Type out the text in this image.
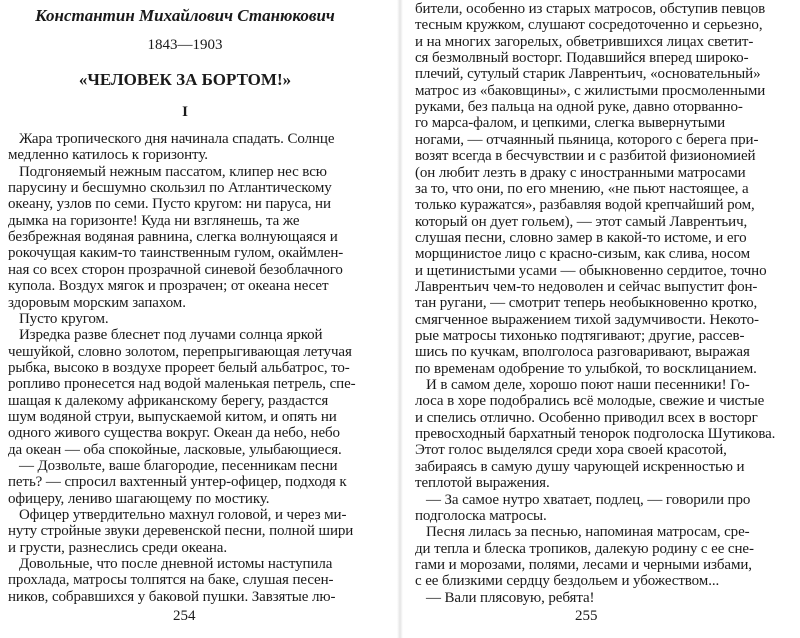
Константин Михайлович Станюкович
1843—1903
«ЧЕЛОВЕК ЗА БОРТОМ!»
I
Жара тропического дня начинала спадать. Солнце
медленно катилось к горизонту.
Подгоняемый нежным пассатом, клипер нес всю
парусину и бесшумно скользил по Атлантическому
океану, узлов по семи. Пусто кругом: ни паруса, ни
дымка на горизонте! Куда ни взглянешь, та же
безбрежная водяная равнина, слегка волнующаяся и
рокочущая каким-то таинственным гулом, окаймлен-
ная со всех сторон прозрачной синевой безоблачного
купола. Воздух мягок и прозрачен; от океана несет
здоровым морским запахом.
Пусто кругом.
Изредка разве блеснет под лучами солнца яркой
чешуйкой, словно золотом, перепрыгивающая летучая
рыбка, высоко в воздухе прореет белый альбатрос, то-
ропливо пронесется над водой маленькая петрель, спе-
шащая к далекому африканскому берегу, раздастся
шум водяной струи, выпускаемой китом, и опять ни
одного живого существа вокруг. Океан да небо, небо
да океан — оба спокойные, ласковые, улыбающиеся.
— Дозвольте, ваше благородие, песенникам песни
петь? — спросил вахтенный унтер-офицер, подходя к
офицеру, лениво шагающему по мостику.
Офицер утвердительно махнул головой, и через ми-
нуту стройные звуки деревенской песни, полной шири
и грусти, разнеслись среди океана.
Довольные, что после дневной истомы наступила
прохлада, матросы толпятся на баке, слушая песен-
ников, собравшихся у баковой пушки. Завзятые лю-
254
бители, особенно из старых матросов, обступив певцов
тесным кружком, слушают сосредоточенно и серьезно,
и на многих загорелых, обветрившихся лицах светит-
ся безмолвный восторг. Подавшийся вперед широко-
плечий, сутулый старик Лаврентьич, «основательный»
матрос из «баковщины», с жилистыми просмоленными
руками, без пальца на одной руке, давно оторванно-
го марса-фалом, и цепкими, слегка вывернутыми
ногами, — отчаянный пьяница, которого с берега при-
возят всегда в бесчувствии и с разбитой физиономией
(он любит лезть в драку с иностранными матросами
за то, что они, по его мнению, «не пьют настоящее, а
только куражатся», разбавляя водой крепчайший ром,
который он дует гольем), — этот самый Лаврентьич,
слушая песни, словно замер в какой-то истоме, и его
морщинистое лицо с красно-сизым, как слива, носом
и щетинистыми усами — обыкновенно сердитое, точно
Лаврентьич чем-то недоволен и сейчас выпустит фон-
тан ругани, — смотрит теперь необыкновенно кротко,
смягченное выражением тихой задумчивости. Некото-
рые матросы тихонько подтягивают; другие, рассев-
шись по кучкам, вполголоса разговаривают, выражая
по временам одобрение то улыбкой, то восклицанием.
И в самом деле, хорошо поют наши песенники! Го-
лоса в хоре подобрались всё молодые, свежие и чистые
и спелись отлично. Особенно приводил всех в восторг
превосходный бархатный тенорок подголоска Шутикова.
Этот голос выделялся среди хора своей красотой,
забираясь в самую душу чарующей искренностью и
теплотой выражения.
— За самое нутро хватает, подлец, — говорили про
подголоска матросы.
Песня лилась за песнью, напоминая матросам, сре-
ди тепла и блеска тропиков, далекую родину с ее сне-
гами и морозами, полями, лесами и черными избами,
с ее близкими сердцу бездольем и убожеством...
— Вали плясовую, ребята!
255
